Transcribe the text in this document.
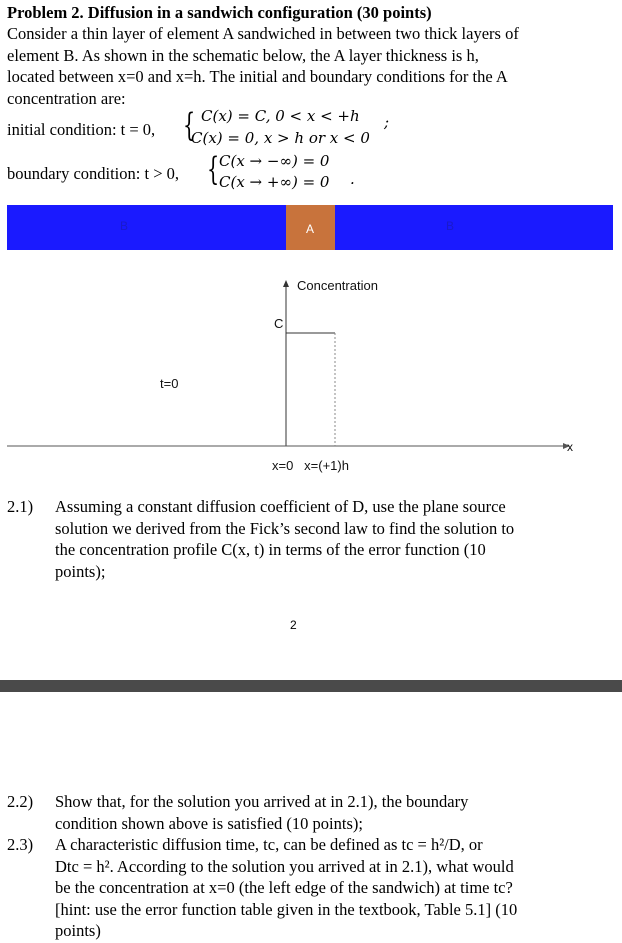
Problem 2. Diffusion in a sandwich configuration (30 points)
Consider a thin layer of element A sandwiched in between two thick layers of
element B. As shown in the schematic below, the A layer thickness is h,
located between x=0 and x=h. The initial and boundary conditions for the A
concentration are:
initial condition: t = 0, { C(x) = C, 0 < x < +h
C(x) = 0, x > h or x < 0
;
boundary condition: t > 0, { C(x → −∞) = 0
C(x → +∞) = 0 .
B	A	B
Concentration
C
t=0
x
x=0   x=(+1)h
2.1) Assuming a constant diffusion coefficient of D, use the plane source
solution we derived from the Fick’s second law to find the solution to
the concentration profile C(x, t) in terms of the error function (10
points);
2
2.2) Show that, for the solution you arrived at in 2.1), the boundary
condition shown above is satisfied (10 points);
2.3) A characteristic diffusion time, tc, can be defined as tc = h²/D, or
Dtc = h². According to the solution you arrived at in 2.1), what would
be the concentration at x=0 (the left edge of the sandwich) at time tc?
[hint: use the error function table given in the textbook, Table 5.1] (10
points)
